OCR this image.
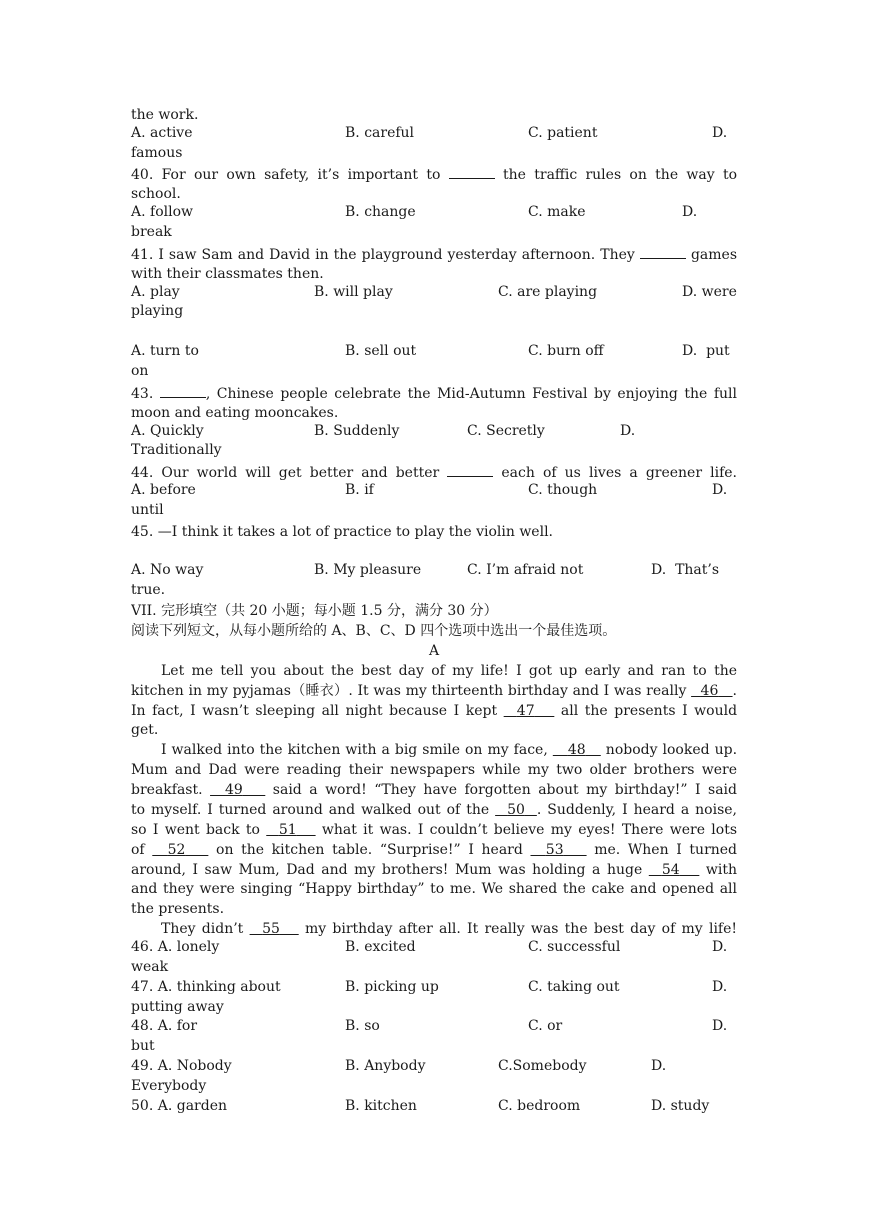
the work.
A. active	B. careful	C. patient	D.
famous
40. For our own safety, it’s important to	the traffic rules on the way to
school.
A. follow	B. change	C. make	D.
break
41. I saw Sam and David in the playground yesterday afternoon. They	games
with their classmates then.
A. play	B. will play	C. are playing	D. were
playing

A. turn to	B. sell out	C. burn off	D.  put
on
43.	, Chinese people celebrate the Mid-Autumn Festival by enjoying the full
moon and eating mooncakes.
A. Quickly	B. Suddenly	C. Secretly	D.
Traditionally
44. Our world will get better and better	each of us lives a greener life.
A. before	B. if	C. though	D.
until
45. —I think it takes a lot of practice to play the violin well.

A. No way	B. My pleasure	C. I’m afraid not	D.  That’s
true.
VII. 完形填空（共 20 小题；每小题 1.5 分，满分 30 分）
阅读下列短文，从每小题所给的 A、B、C、D 四个选项中选出一个最佳选项。
A
Let me tell you about the best day of my life! I got up early and ran to the
kitchen in my pyjamas（睡衣）. It was my thirteenth birthday and I was really 46 .
In fact, I wasn’t sleeping all night because I kept 47 all the presents I would
get.
I walked into the kitchen with a big smile on my face, 48 nobody looked up.
Mum and Dad were reading their newspapers while my two older brothers were
breakfast. 49 said a word! “They have forgotten about my birthday!” I said
to myself. I turned around and walked out of the 50 . Suddenly, I heard a noise,
so I went back to 51 what it was. I couldn’t believe my eyes! There were lots
of 52 on the kitchen table. “Surprise!” I heard 53 me. When I turned
around, I saw Mum, Dad and my brothers! Mum was holding a huge 54 with
and they were singing “Happy birthday” to me. We shared the cake and opened all
the presents.
They didn’t 55 my birthday after all. It really was the best day of my life!
46. A. lonely	B. excited	C. successful	D.
weak
47. A. thinking about	B. picking up	C. taking out	D.
putting away
48. A. for	B. so	C. or	D.
but
49. A. Nobody	B. Anybody	C.Somebody	D.
Everybody
50. A. garden	B. kitchen	C. bedroom	D. study
